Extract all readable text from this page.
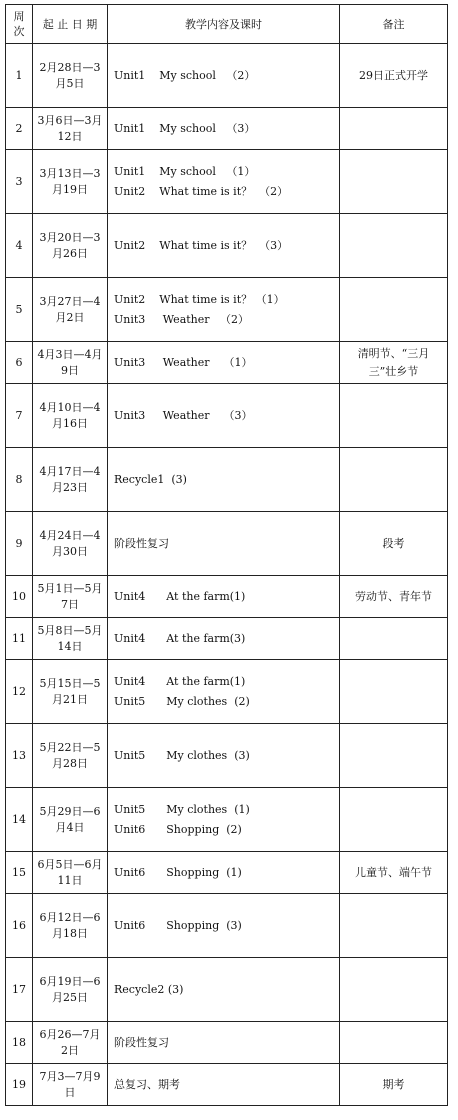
周次	起 止 日 期	教学内容及课时	备注
1	2月28日—3月5日	Unit1    My school   （2）	29日正式开学
2	3月6日—3月12日	Unit1    My school   （3）	

3	3月13日—3月19日	Unit1    My school   （1）
Unit2    What time is it？  （2）	

4	3月20日—3月26日	Unit2    What time is it？  （3）	

5	3月27日—4月2日	Unit2    What time is it？ （1）
Unit3     Weather   （2）	

6	4月3日—4月9日	Unit3     Weather    （1）	清明节、“三月三”壮乡节
7	4月10日—4月16日	Unit3     Weather    （3）	

8	4月17日—4月23日	Recycle1  (3)	

9	4月24日—4月30日	阶段性复习	段考
10	5月1日—5月7日	Unit4      At the farm(1)	劳动节、青年节
11	5月8日—5月14日	Unit4      At the farm(3)	

12	5月15日—5月21日	Unit4      At the farm(1)
Unit5      My clothes  (2)	

13	5月22日—5月28日	Unit5      My clothes  (3)	

14	5月29日—6月4日	Unit5      My clothes  (1)
Unit6      Shopping  (2)	

15	6月5日—6月11日	Unit6      Shopping  (1)	儿童节、端午节
16	6月12日—6月18日	Unit6      Shopping  (3)	

17	6月19日—6月25日	Recycle2 (3)	

18	6月26—7月2日	阶段性复习	

19	7月3—7月9日	总复习、期考	期考
